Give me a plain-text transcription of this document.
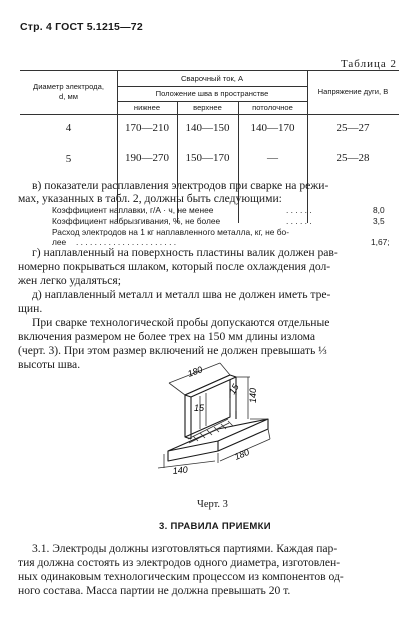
Стр. 4 ГОСТ 5.1215—72
Таблица 2
Диаметр электрода,
d, мм
Сварочный ток, А
Положение шва в пространстве
нижнее	верхнее	потолочное
Напряжение дуги, В
4	170—210	140—150	140—170	25—27
5	190—270	150—170	—	25—28
в) показатели расплавления электродов при сварке на режи-
мах, указанных в табл. 2, должны быть следующими:
Коэффициент наплавки, г/А · ч, не менее	. . . . . .	8,0
Коэффициент набрызгивания, %, не более	. . . . . .	3,5
Расход электродов на 1 кг наплавленного металла, кг, не бо-
лее . . . . . . . . . . . . . . . . . . . . . .	1,67;
г) наплавленный на поверхность пластины валик должен рав-
номерно покрываться шлаком, который после охлаждения дол-
жен легко удаляться;
д) наплавленный металл и металл шва не должен иметь тре-
щин.
При сварке технологической пробы допускаются отдельные
включения размером не более трех на 150 мм длины излома
(черт. 3). При этом размер включений не должен превышать ⅓
высоты шва.	180
15
15 140
140
180
Черт. 3
3. ПРАВИЛА ПРИЕМКИ
3.1. Электроды должны изготовляться партиями. Каждая пар-
тия должна состоять из электродов одного диаметра, изготовлен-
ных одинаковым технологическим процессом из компонентов од-
ного состава. Масса партии не должна превышать 20 т.
